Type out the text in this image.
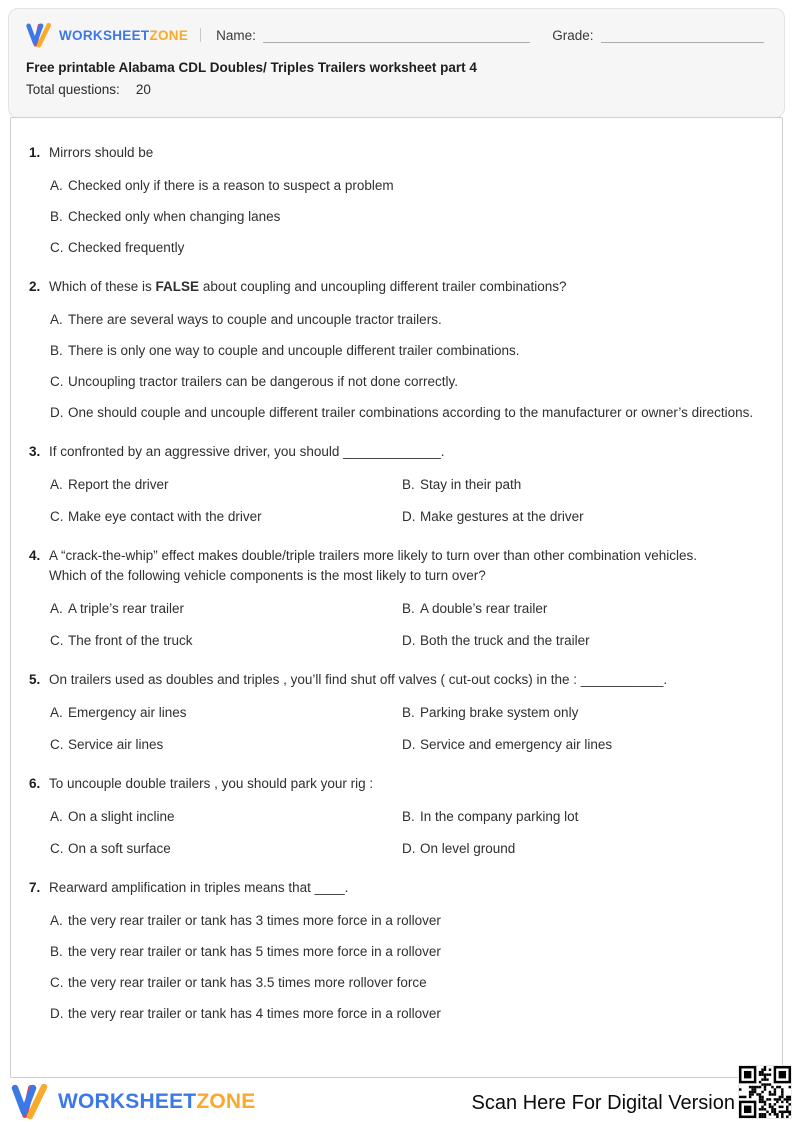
WORKSHEETZONE Name:	Grade:
Free printable Alabama CDL Doubles/ Triples Trailers worksheet part 4
Total questions: 20
1. Mirrors should be
A. Checked only if there is a reason to suspect a problem
B. Checked only when changing lanes
C. Checked frequently
2. Which of these is FALSE about coupling and uncoupling different trailer combinations?
A. There are several ways to couple and uncouple tractor trailers.
B. There is only one way to couple and uncouple different trailer combinations.
C. Uncoupling tractor trailers can be dangerous if not done correctly.
D. One should couple and uncouple different trailer combinations according to the manufacturer or owner’s directions.
3. If confronted by an aggressive driver, you should _____________.
A. Report the driver	B. Stay in their path
C. Make eye contact with the driver	D. Make gestures at the driver
4. A “crack-the-whip” effect makes double/triple trailers more likely to turn over than other combination vehicles. Which of the following vehicle components is the most likely to turn over?
A. A triple’s rear trailer	B. A double’s rear trailer
C. The front of the truck	D. Both the truck and the trailer
5. On trailers used as doubles and triples , you’ll find shut off valves ( cut-out cocks) in the : ___________.
A. Emergency air lines	B. Parking brake system only
C. Service air lines	D. Service and emergency air lines
6. To uncouple double trailers , you should park your rig :
A. On a slight incline	B. In the company parking lot
C. On a soft surface	D. On level ground
7. Rearward amplification in triples means that ____.
A. the very rear trailer or tank has 3 times more force in a rollover
B. the very rear trailer or tank has 5 times more force in a rollover
C. the very rear trailer or tank has 3.5 times more rollover force
D. the very rear trailer or tank has 4 times more force in a rollover
WORKSHEETZONE	Scan Here For Digital Version
